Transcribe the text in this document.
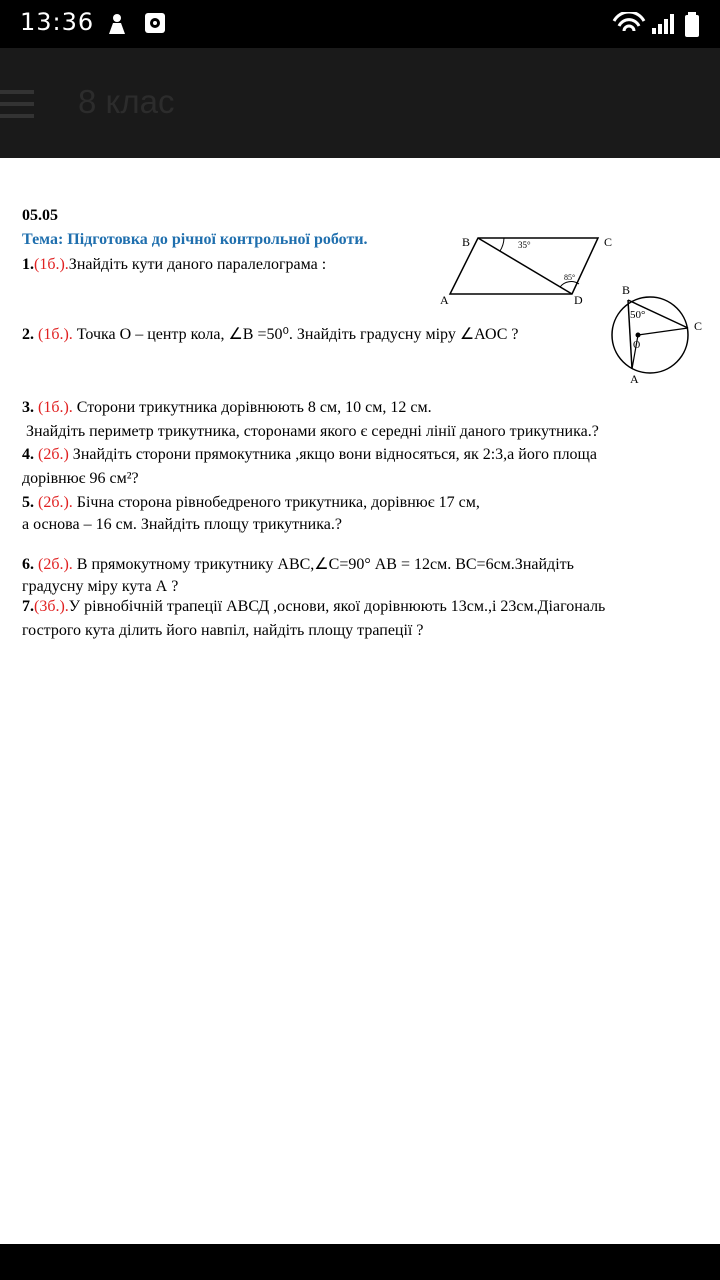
13:36
8 клас
05.05
Тема: Підготовка до річної контрольної роботи.
1.(1б.).Знайдіть кути даного паралелограма :
2. (1б.). Точка О – центр кола, ∠В =50⁰. Знайдіть градусну міру ∠АОС ?
3. (1б.). Сторони трикутника дорівнюють 8 см, 10 см, 12 см.
Знайдіть периметр трикутника, сторонами якого є середні лінії даного трикутника.?
4. (2б.) Знайдіть сторони прямокутника ,якщо вони відносяться, як 2:3,а його площа
дорівнює 96 см²?
5. (2б.). Бічна сторона рівнобедреного трикутника, дорівнює 17 см,
а основа – 16 см. Знайдіть площу трикутника.?
6. (2б.). В прямокутному трикутнику АВС,∠С=90° АВ = 12см. ВС=6см.Знайдіть
градусну міру кута А ?
7.(3б.).У рівнобічній трапеції АВСД ,основи, якої дорівнюють 13см.,і 23см.Діагональ
гострого кута ділить його навпіл, найдіть площу трапеції ?
B	C
A	D
35°
85°
B
C
A
O
50°
